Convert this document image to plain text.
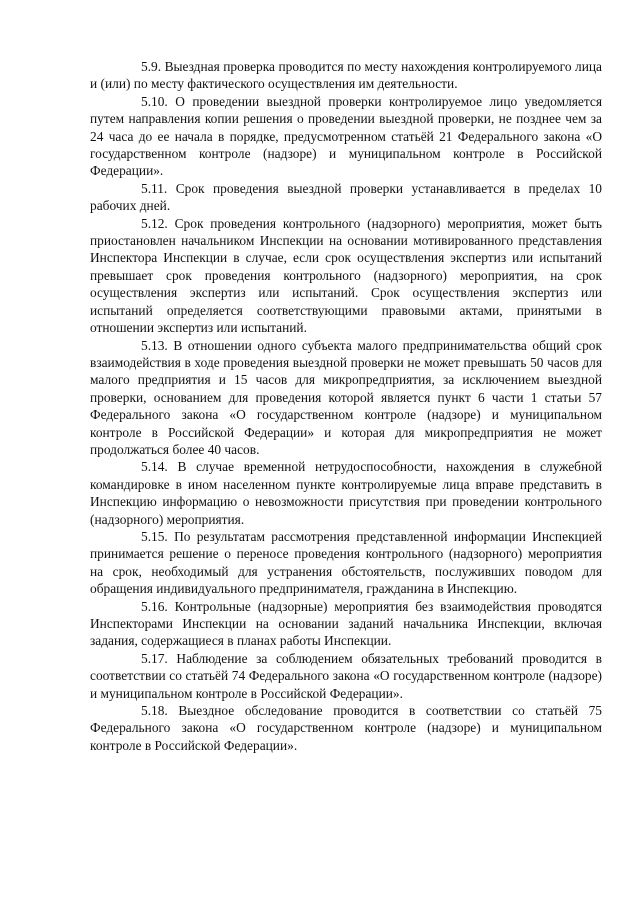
5.9. Выездная проверка проводится по месту нахождения контролируемого лица и (или) по месту фактического осуществления им деятельности.

5.10. О проведении выездной проверки контролируемое лицо уведомляется путем направления копии решения о проведении выездной проверки, не позднее чем за 24 часа до ее начала в порядке, предусмотренном статьёй 21 Федерального закона «О государственном контроле (надзоре) и муниципальном контроле в Российской Федерации».

5.11. Срок проведения выездной проверки устанавливается в пределах 10 рабочих дней.

5.12. Срок проведения контрольного (надзорного) мероприятия, может быть приостановлен начальником Инспекции на основании мотивированного представления Инспектора Инспекции в случае, если срок осуществления экспертиз или испытаний превышает срок проведения контрольного (надзорного) мероприятия, на срок осуществления экспертиз или испытаний. Срок осуществления экспертиз или испытаний определяется соответствующими правовыми актами, принятыми в отношении экспертиз или испытаний.

5.13. В отношении одного субъекта малого предпринимательства общий срок взаимодействия в ходе проведения выездной проверки не может превышать 50 часов для малого предприятия и 15 часов для микропредприятия, за исключением выездной проверки, основанием для проведения которой является пункт 6 части 1 статьи 57 Федерального закона «О государственном контроле (надзоре) и муниципальном контроле в Российской Федерации» и которая для микропредприятия не может продолжаться более 40 часов.

5.14. В случае временной нетрудоспособности, нахождения в служебной командировке в ином населенном пункте контролируемые лица вправе представить в Инспекцию информацию о невозможности присутствия при проведении контрольного (надзорного) мероприятия.

5.15. По результатам рассмотрения представленной информации Инспекцией принимается решение о переносе проведения контрольного (надзорного) мероприятия на срок, необходимый для устранения обстоятельств, послуживших поводом для обращения индивидуального предпринимателя, гражданина в Инспекцию.

5.16. Контрольные (надзорные) мероприятия без взаимодействия проводятся Инспекторами Инспекции на основании заданий начальника Инспекции, включая задания, содержащиеся в планах работы Инспекции.

5.17. Наблюдение за соблюдением обязательных требований проводится в соответствии со статьёй 74 Федерального закона «О государственном контроле (надзоре) и муниципальном контроле в Российской Федерации».

5.18. Выездное обследование проводится в соответствии со статьёй 75 Федерального закона «О государственном контроле (надзоре) и муниципальном контроле в Российской Федерации».
